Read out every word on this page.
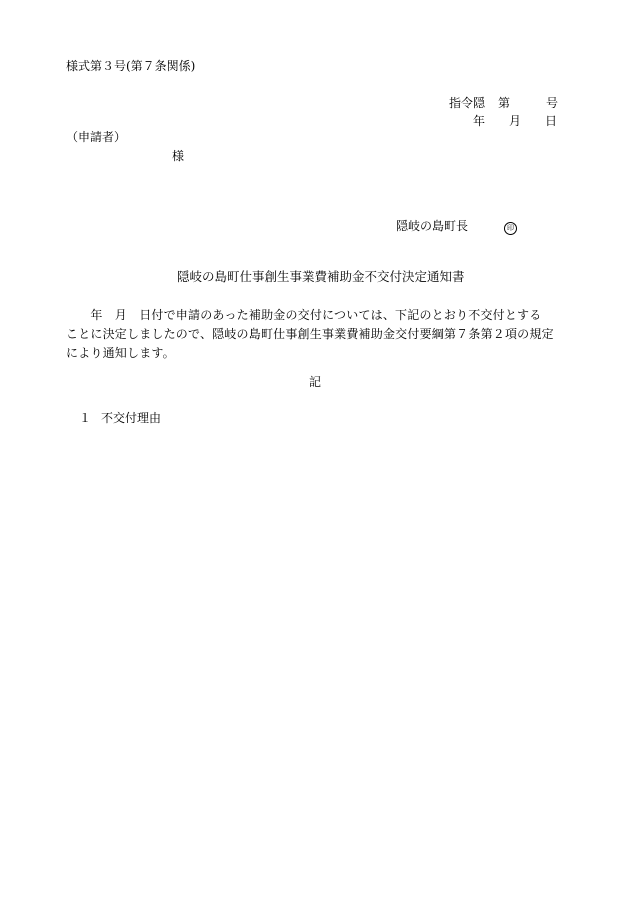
様式第３号(第７条関係)
指令隠 第	号
年 月 日
（申請者）
様
隠岐の島町長	印
隠岐の島町仕事創生事業費補助金不交付決定通知書
　　年　月　日付で申請のあった補助金の交付については、下記のとおり不交付とする
ことに決定しましたので、隠岐の島町仕事創生事業費補助金交付要綱第７条第２項の規定
により通知します。
記
１ 不交付理由
